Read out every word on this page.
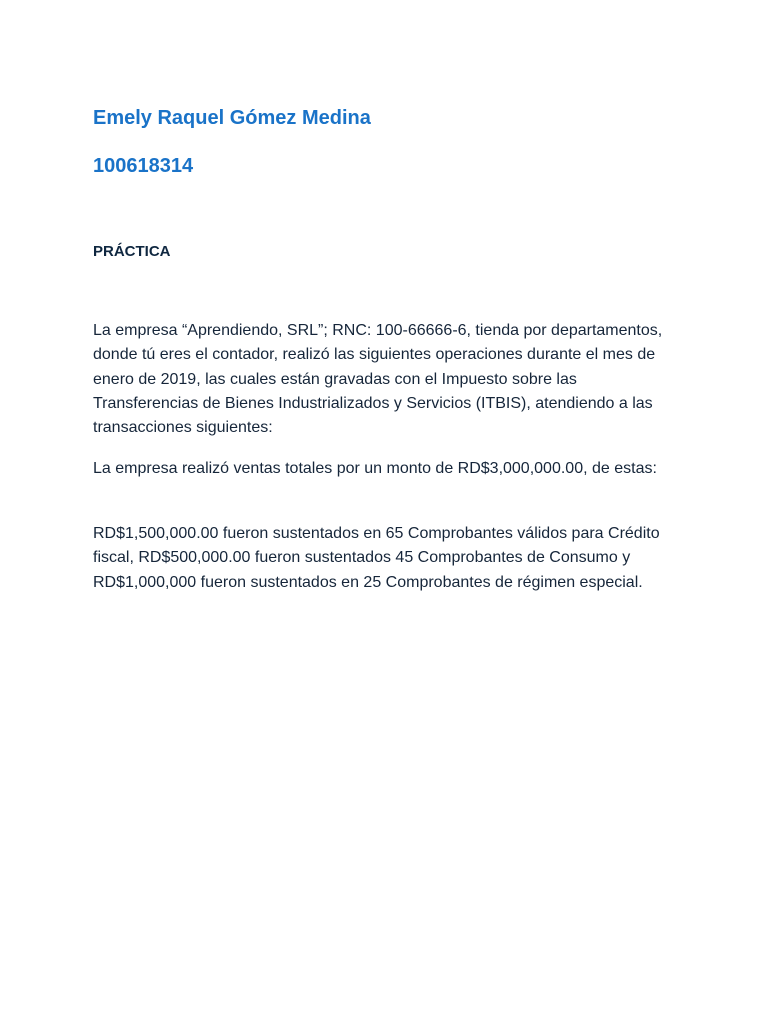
Emely Raquel Gómez Medina
100618314
PRÁCTICA

La empresa “Aprendiendo, SRL”; RNC: 100-66666-6, tienda por departamentos, donde tú eres el contador, realizó las siguientes operaciones durante el mes de enero de 2019, las cuales están gravadas con el Impuesto sobre las Transferencias de Bienes Industrializados y Servicios (ITBIS), atendiendo a las transacciones siguientes:

La empresa realizó ventas totales por un monto de RD$3,000,000.00, de estas:

RD$1,500,000.00 fueron sustentados en 65 Comprobantes válidos para Crédito fiscal, RD$500,000.00 fueron sustentados 45 Comprobantes de Consumo y RD$1,000,000 fueron sustentados en 25 Comprobantes de régimen especial.
